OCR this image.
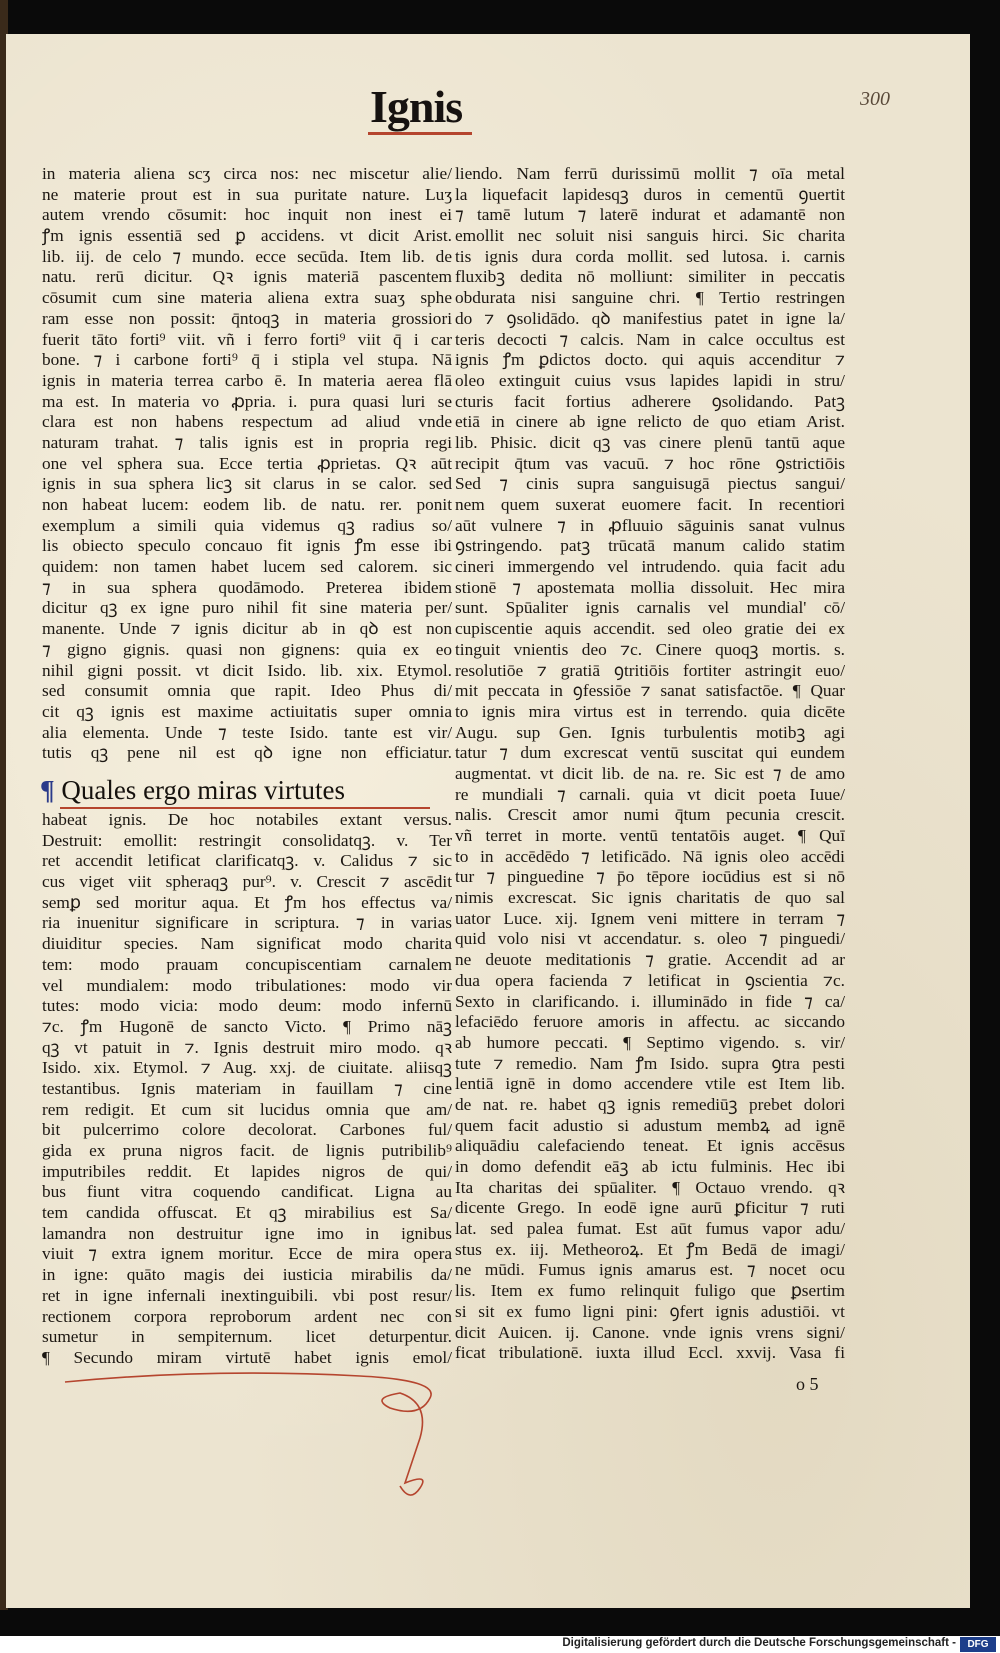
Ignis	300
in materia aliena scʒ circa nos: nec miscetur alie/
ne materie prout est in sua puritate nature. Luʒ
autem vrendo cōsumit: hoc inquit non inest ei
ꝭm ignis essentiā sed ꝑ accidens. vt dicit Arist.
lib. iij. de celo ⁊ mundo. ecce secūda. Item lib. de
natu. rerū dicitur. Qꝛ ignis materiā pascentem
cōsumit cum sine materia aliena extra suaʒ sphe
ram esse non possit: q̄ntoqꝫ in materia grossiori
fuerit tāto forti⁹ viit. vñ i ferro forti⁹ viit q̄ i car
bone. ⁊ i carbone forti⁹ q̄ i stipla vel stupa. Nā
ignis in materia terrea carbo ē. In materia aerea flā
ma est. In materia vo ꝓpria. i. pura quasi luri se
clara est non habens respectum ad aliud vnde
naturam trahat. ⁊ talis ignis est in propria regi
one vel sphera sua. Ecce tertia ꝓprietas. Qꝛ aūt
ignis in sua sphera licꝫ sit clarus in se calor. sed
non habeat lucem: eodem lib. de natu. rer. ponit
exemplum a simili quia videmus qꝫ radius so/
lis obiecto speculo concauo fit ignis ꝭm esse ibi
quidem: non tamen habet lucem sed calorem. sic
⁊ in sua sphera quodāmodo. Preterea ibidem
dicitur qꝫ ex igne puro nihil fit sine materia per/
manente. Unde ⁊ ignis dicitur ab in qꝺ est non
⁊ gigno gignis. quasi non gignens: quia ex eo
nihil gigni possit. vt dicit Isido. lib. xix. Etymol.
sed consumit omnia que rapit. Ideo Phus di/
cit qꝫ ignis est maxime actiuitatis super omnia
alia elementa. Unde ⁊ teste Isido. tante est vir/
tutis qꝫ pene nil est qꝺ igne non efficiatur.
¶ Quales ergo miras virtutes
habeat ignis. De hoc notabiles extant versus.
Destruit: emollit: restringit consolidatqꝫ. v. Ter
ret accendit letificat clarificatqꝫ. v. Calidus ⁊ sic
cus viget viit spheraqꝫ pur⁹. v. Crescit ⁊ ascēdit
semꝑ sed moritur aqua. Et ꝭm hos effectus va/
ria inuenitur significare in scriptura. ⁊ in varias
diuiditur species. Nam significat modo charita
tem: modo prauam concupiscentiam carnalem
vel mundialem: modo tribulationes: modo vir
tutes: modo vicia: modo deum: modo infernū
⁊c. ꝭm Hugonē de sancto Victo. ¶ Primo nāꝫ
qꝫ vt patuit in ⁊. Ignis destruit miro modo. qꝛ
Isido. xix. Etymol. ⁊ Aug. xxj. de ciuitate. aliisqꝫ
testantibus. Ignis materiam in fauillam ⁊ cine
rem redigit. Et cum sit lucidus omnia que am/
bit pulcerrimo colore decolorat. Carbones ful/
gida ex pruna nigros facit. de lignis putribilib⁹
imputribiles reddit. Et lapides nigros de qui/
bus fiunt vitra coquendo candificat. Ligna au
tem candida offuscat. Et qꝫ mirabilius est Sa/
lamandra non destruitur igne imo in ignibus
viuit ⁊ extra ignem moritur. Ecce de mira opera
in igne: quāto magis dei iusticia mirabilis da/
ret in igne infernali inextinguibili. vbi post resur/
rectionem corpora reproborum ardent nec con
sumetur in sempiternum. licet deturpentur.
¶ Secundo miram virtutē habet ignis emol/
liendo. Nam ferrū durissimū mollit ⁊ oīa metal
la liquefacit lapidesqꝫ duros in cementū ꝯuertit
⁊ tamē lutum ⁊ laterē indurat et adamantē non
emollit nec soluit nisi sanguis hirci. Sic charita
tis ignis dura corda mollit. sed lutosa. i. carnis
fluxibꝫ dedita nō molliunt: similiter in peccatis
obdurata nisi sanguine chri. ¶ Tertio restringen
do ⁊ ꝯsolidādo. qꝺ manifestius patet in igne la/
teris decocti ⁊ calcis. Nam in calce occultus est
ignis ꝭm ꝑdictos docto. qui aquis accenditur ⁊
oleo extinguit cuius vsus lapides lapidi in stru/
cturis facit fortius adherere ꝯsolidando. Patꝫ
etiā in cinere ab igne relicto de quo etiam Arist.
lib. Phisic. dicit qꝫ vas cinere plenū tantū aque
recipit q̄tum vas vacuū. ⁊ hoc rōne ꝯstrictiōis
Sed ⁊ cinis supra sanguisugā piectus sangui/
nem quem suxerat euomere facit. In recentiori
aūt vulnere ⁊ in ꝓfluuio sāguinis sanat vulnus
ꝯstringendo. patꝫ trūcatā manum calido statim
cineri immergendo vel intrudendo. quia facit adu
stionē ⁊ apostemata mollia dissoluit. Hec mira
sunt. Spūaliter ignis carnalis vel mundial' cō/
cupiscentie aquis accendit. sed oleo gratie dei ex
tinguit vnientis deo ⁊c. Cinere quoqꝫ mortis. s.
resolutiōe ⁊ gratiā ꝯtritiōis fortiter astringit euo/
mit peccata in ꝯfessiōe ⁊ sanat satisfactōe. ¶ Quar
to ignis mira virtus est in terrendo. quia dicēte
Augu. sup Gen. Ignis turbulentis motibꝫ agi
tatur ⁊ dum excrescat ventū suscitat qui eundem
augmentat. vt dicit lib. de na. re. Sic est ⁊ de amo
re mundiali ⁊ carnali. quia vt dicit poeta Iuue/
nalis. Crescit amor numi q̄tum pecunia crescit.
vñ terret in morte. ventū tentatōis auget. ¶ Quī
to in accēdēdo ⁊ letificādo. Nā ignis oleo accēdi
tur ⁊ pinguedine ⁊ p̄o tēpore iocūdius est si nō
nimis excrescat. Sic ignis charitatis de quo sal
uator Luce. xij. Ignem veni mittere in terram ⁊
quid volo nisi vt accendatur. s. oleo ⁊ pinguedi/
ne deuote meditationis ⁊ gratie. Accendit ad ar
dua opera facienda ⁊ letificat in ꝯscientia ⁊c.
Sexto in clarificando. i. illuminādo in fide ⁊ ca/
lefaciēdo feruore amoris in affectu. ac siccando
ab humore peccati. ¶ Septimo vigendo. s. vir/
tute ⁊ remedio. Nam ꝭm Isido. supra ꝯtra pesti
lentiā ignē in domo accendere vtile est Item lib.
de nat. re. habet qꝫ ignis remediūꝫ prebet dolori
quem facit adustio si adustum membꝝ ad ignē
aliquādiu calefaciendo teneat. Et ignis accēsus
in domo defendit eāꝫ ab ictu fulminis. Hec ibi
Ita charitas dei spūaliter. ¶ Octauo vrendo. qꝛ
dicente Grego. In eodē igne aurū ꝑficitur ⁊ ruti
lat. sed palea fumat. Est aūt fumus vapor adu/
stus ex. iij. Metheoroꝝ. Et ꝭm Bedā de imagi/
ne mūdi. Fumus ignis amarus est. ⁊ nocet ocu
lis. Item ex fumo relinquit fuligo que ꝑsertim
si sit ex fumo ligni pini: ꝯfert ignis adustiōi. vt
dicit Auicen. ij. Canone. vnde ignis vrens signi/
ficat tribulationē. iuxta illud Eccl. xxvij. Vasa fi
o 5
Digitalisierung gefördert durch die Deutsche Forschungsgemeinschaft -	DFG
